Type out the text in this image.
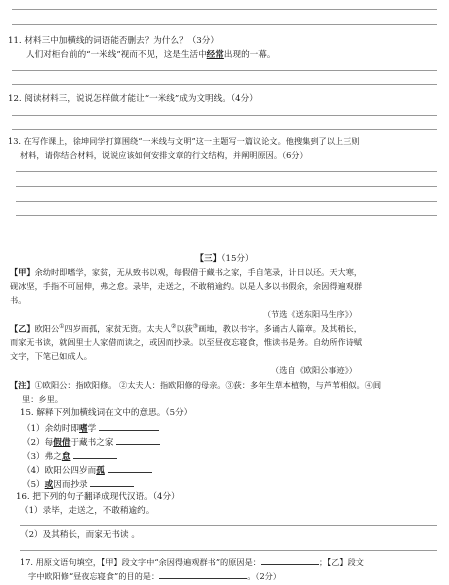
11. 材料三中加横线的词语能否删去？为什么？（3分）
人们对柜台前的“一米线”视而不见，这是生活中经常出现的一幕。
12. 阅读材料三，说说怎样做才能让“一米线”成为文明线。（4分）
13. 在写作课上，徐坤同学打算围绕“一米线与文明”这一主题写一篇议论文。他搜集到了以上三则
材料，请你结合材料，说说应该如何安排文章的行文结构，并阐明原因。（6分）
【三】（15分）
【甲】余幼时即嗜学，家贫，无从致书以观，每假借于藏书之家，手自笔录，计日以还。天大寒，
砚冰坚，手指不可屈伸，弗之怠。录毕，走送之，不敢稍逾约。以是人多以书假余，余因得遍观群
书。
（节选《送东阳马生序》）
【乙】欧阳公①四岁而孤，家贫无资。太夫人②以荻③画地，教以书字。多诵古人篇章。及其稍长，
而家无书读，就闾里士人家借而读之，或因而抄录。以至昼夜忘寝食，惟读书是务。自幼所作诗赋
文字，下笔已如成人。
（选自《欧阳公事迹》）
【注】①欧阳公：指欧阳修。 ②太夫人：指欧阳修的母亲。③荻：多年生草本植物，与芦苇相似。④闾
里：乡里。
15. 解释下列加横线词在文中的意思。（5分）
（1）余幼时即嗜学
（2）每假借于藏书之家
（3）弗之怠
（4）欧阳公四岁而孤
（5）或因而抄录
16. 把下列的句子翻译成现代汉语。（4分）
（1）录毕，走送之，不敢稍逾约。
（2）及其稍长，而家无书读 。
17. 用原文语句填空，【甲】段文字中“余因得遍观群书”的原因是：	；【乙】段文
字中欧阳修“昼夜忘寝食”的目的是：	。（2分）
